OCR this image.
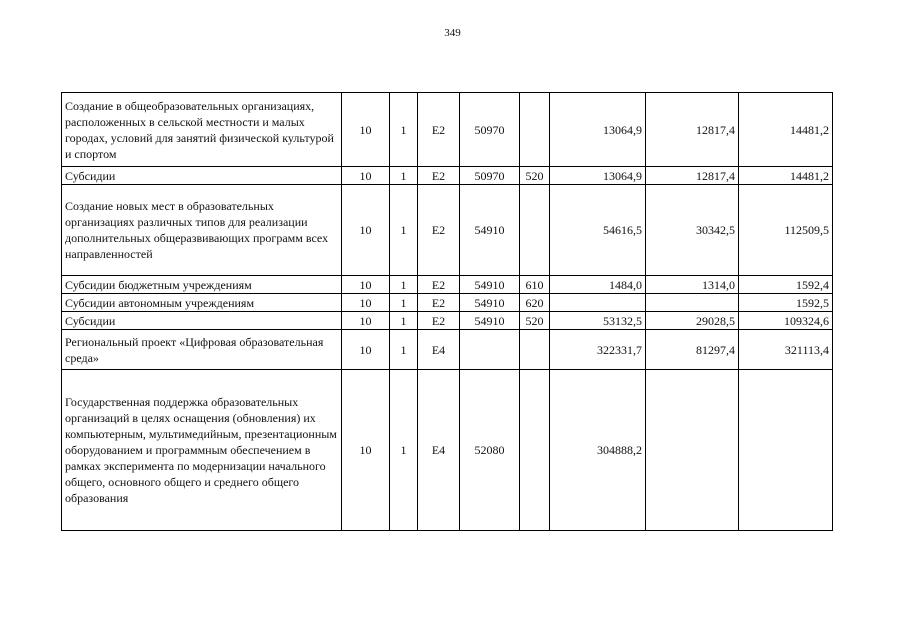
349
Создание в общеобразовательных организациях, расположенных в сельской местности и малых городах, условий для занятий физической культурой и спортом	10	1	E2	50970		13064,9	12817,4	14481,2
Субсидии	10	1	E2	50970	520	13064,9	12817,4	14481,2
Создание новых мест в образовательных организациях различных типов для реализации дополнительных общеразвивающих программ всех направленностей	10	1	E2	54910		54616,5	30342,5	112509,5
Субсидии бюджетным учреждениям	10	1	E2	54910	610	1484,0	1314,0	1592,4
Субсидии автономным учреждениям	10	1	E2	54910	620			1592,5
Субсидии	10	1	E2	54910	520	53132,5	29028,5	109324,6
Региональный проект «Цифровая образовательная среда»	10	1	E4			322331,7	81297,4	321113,4
Государственная поддержка образовательных организаций в целях оснащения (обновления) их компьютерным, мультимедийным, презентационным оборудованием и программным обеспечением в рамках эксперимента по модернизации начального общего, основного общего и среднего общего образования	10	1	E4	52080		304888,2		
